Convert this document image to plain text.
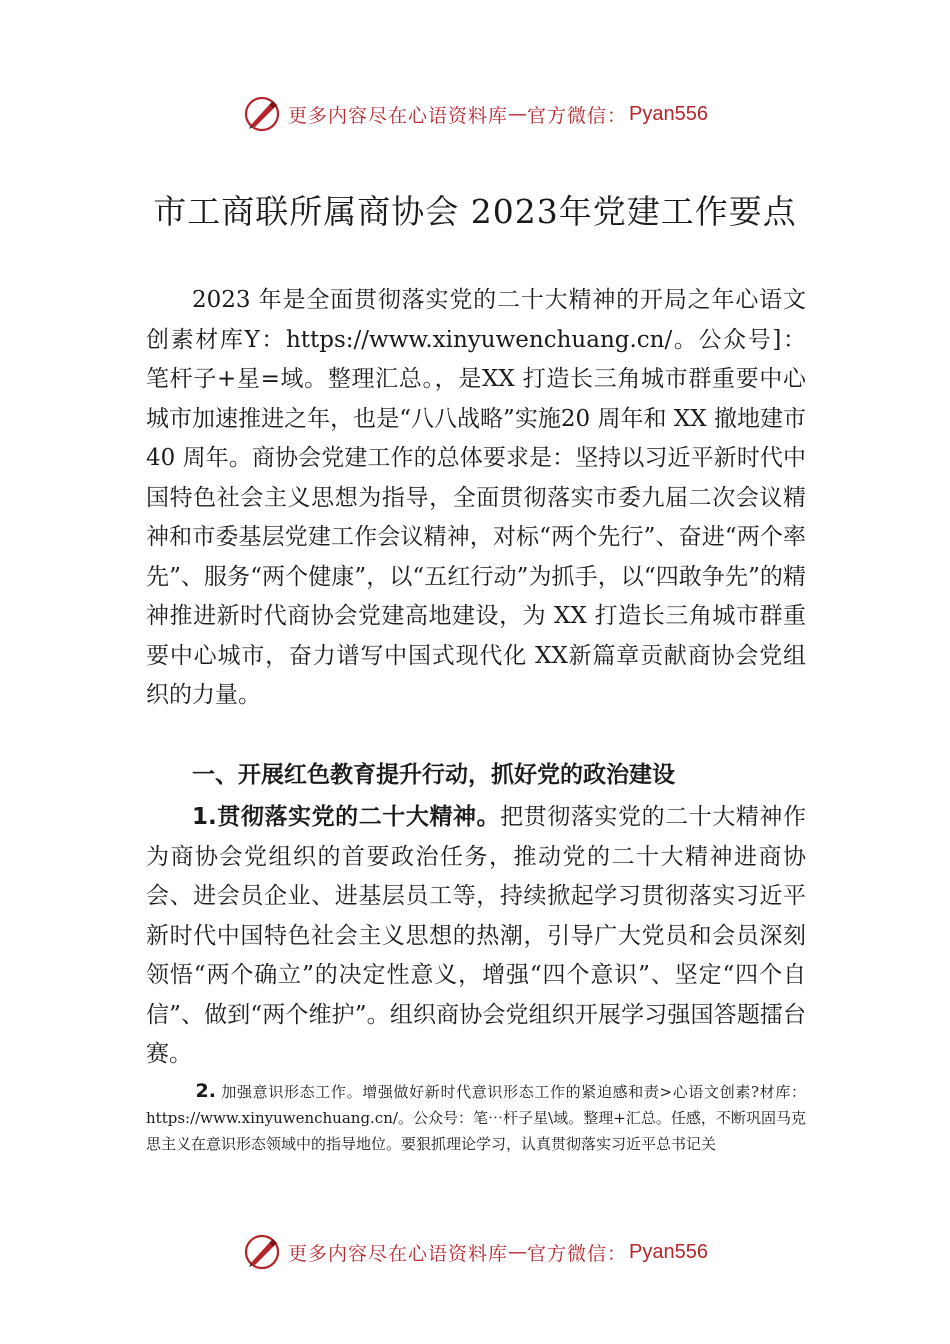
更多内容尽在心语资料库 — 官方微信： Pyan556
市工商联所属商协会 2023年党建工作要点

2023 年是全面贯彻落实党的二十大精神的开局之年心语文创素材库Y：https://www.xinyuwenchuang.cn/。公众号]：笔杆子+星=域。整理汇总。，是XX 打造长三角城市群重要中心城市加速推进之年，也是“八八战略”实施20 周年和 XX 撤地建市 40 周年。商协会党建工作的总体要求是：坚持以习近平新时代中国特色社会主义思想为指导，全面贯彻落实市委九届二次会议精神和市委基层党建工作会议精神，对标“两个先行”、奋进“两个率先”、服务“两个健康”，以“五红行动”为抓手，以“四敢争先”的精神推进新时代商协会党建高地建设，为 XX 打造长三角城市群重要中心城市，奋力谱写中国式现代化 XX新篇章贡献商协会党组织的力量。

一、开展红色教育提升行动，抓好党的政治建设

1.贯彻落实党的二十大精神。把贯彻落实党的二十大精神作为商协会党组织的首要政治任务，推动党的二十大精神进商协会、进会员企业、进基层员工等，持续掀起学习贯彻落实习近平新时代中国特色社会主义思想的热潮，引导广大党员和会员深刻领悟“两个确立”的决定性意义，增强“四个意识”、坚定“四个自信”、做到“两个维护”。组织商协会党组织开展学习强国答题擂台赛。

2. 加强意识形态工作。增强做好新时代意识形态工作的紧迫感和责>心语文创素?材库：https://www.xinyuwenchuang.cn/。公众号：笔⋯杆子星\域。整理+汇总。任感，不断巩固马克思主义在意识形态领域中的指导地位。要狠抓理论学习，认真贯彻落实习近平总书记关

更多内容尽在心语资料库 — 官方微信： Pyan556
